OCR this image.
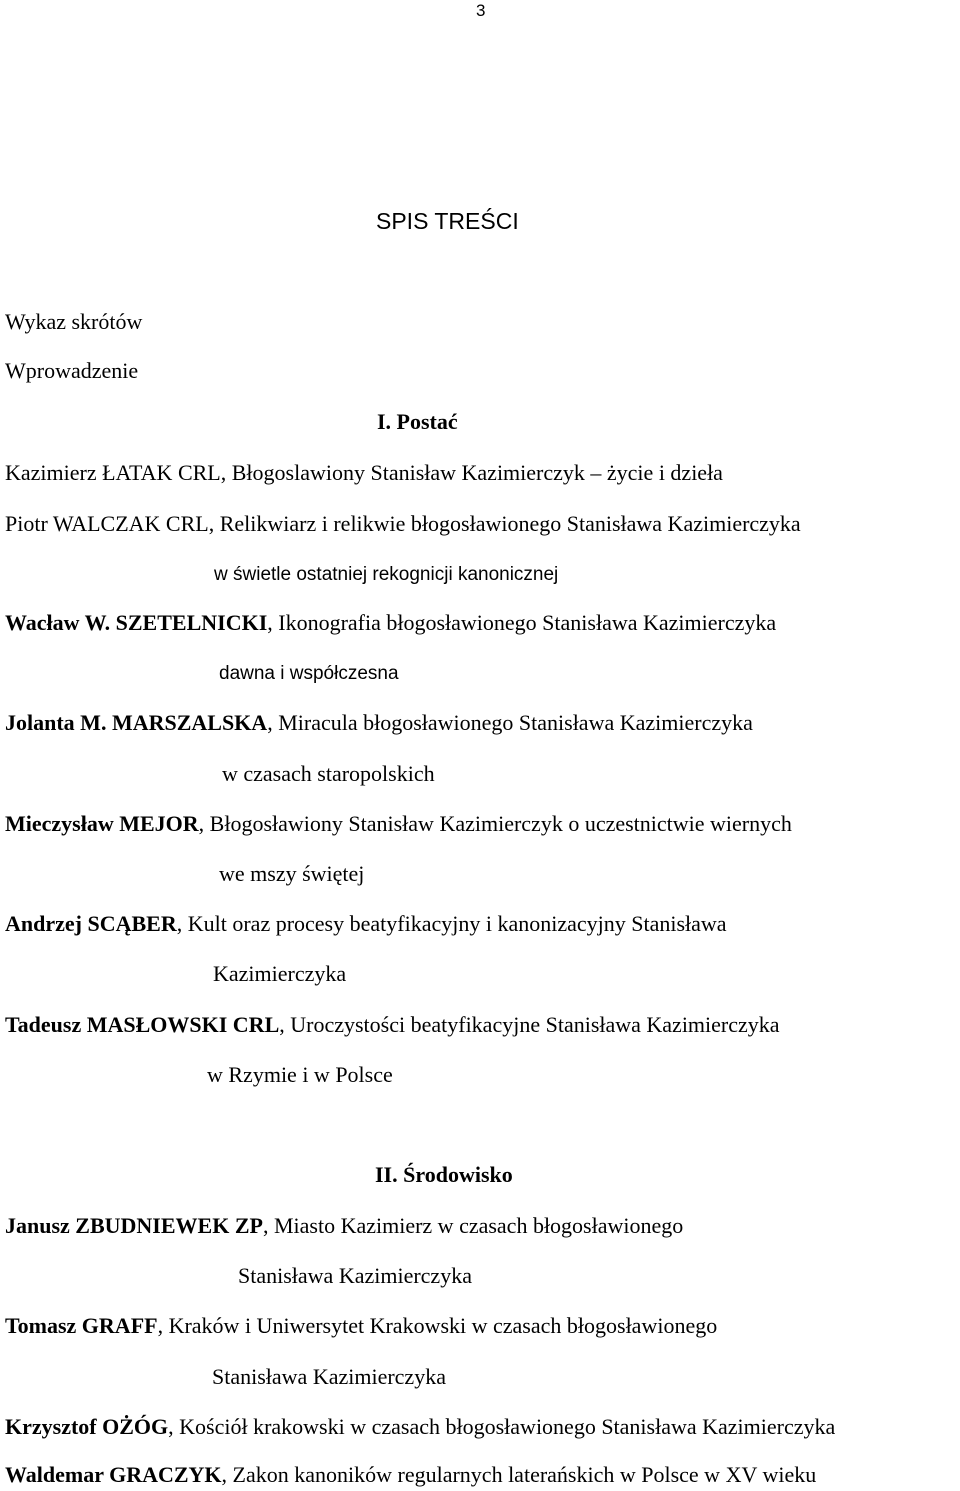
3
SPIS TREŚCI
Wykaz skrótów
Wprowadzenie
I. Postać
Kazimierz ŁATAK CRL, Błogoslawiony Stanisław Kazimierczyk – życie i dzieła
Piotr WALCZAK CRL, Relikwiarz i relikwie błogosławionego Stanisława Kazimierczyka
w świetle ostatniej rekognicji kanonicznej
Wacław W. SZETELNICKI, Ikonografia błogosławionego Stanisława Kazimierczyka
dawna i współczesna
Jolanta M. MARSZALSKA, Miracula błogosławionego Stanisława Kazimierczyka
w czasach staropolskich
Mieczysław MEJOR, Błogosławiony Stanisław Kazimierczyk o uczestnictwie wiernych
we mszy świętej
Andrzej SCĄBER, Kult oraz procesy beatyfikacyjny i kanonizacyjny Stanisława
Kazimierczyka
Tadeusz MASŁOWSKI CRL, Uroczystości beatyfikacyjne Stanisława Kazimierczyka
w Rzymie i w Polsce
II. Środowisko
Janusz ZBUDNIEWEK ZP, Miasto Kazimierz w czasach błogosławionego
Stanisława Kazimierczyka
Tomasz GRAFF, Kraków i Uniwersytet Krakowski w czasach błogosławionego
Stanisława Kazimierczyka
Krzysztof OŻÓG, Kościół krakowski w czasach błogosławionego Stanisława Kazimierczyka
Waldemar GRACZYK, Zakon kanoników regularnych laterańskich w Polsce w XV wieku
